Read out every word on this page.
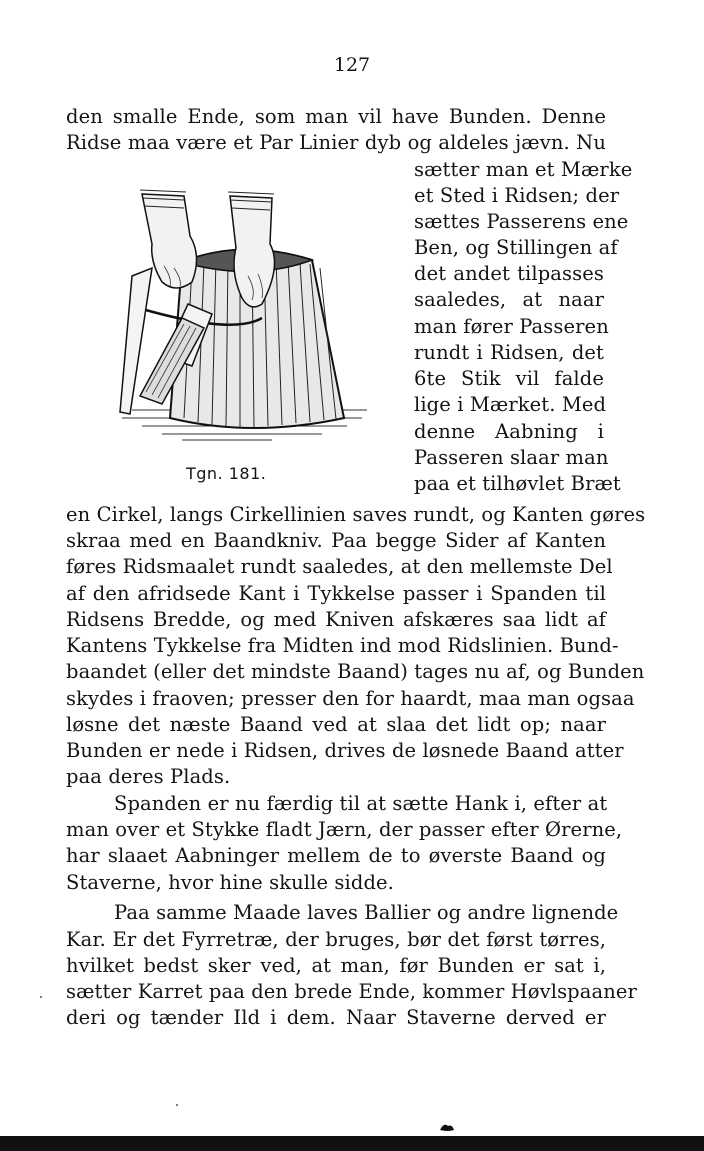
127
den smalle Ende, som man vil have Bunden. Denne
Ridse maa være et Par Linier dyb og aldeles jævn. Nu
sætter man et Mærke
et Sted i Ridsen; der
sættes Passerens ene
Ben, og Stillingen af
det andet tilpasses
saaledes, at naar
man fører Passeren
rundt i Ridsen, det
6te Stik vil falde
lige i Mærket. Med
denne Aabning i
Passeren slaar man
paa et tilhøvlet Bræt
Tgn. 181.
en Cirkel, langs Cirkellinien saves rundt, og Kanten gøres
skraa med en Baandkniv. Paa begge Sider af Kanten
føres Ridsmaalet rundt saaledes, at den mellemste Del
af den afridsede Kant i Tykkelse passer i Spanden til
Ridsens Bredde, og med Kniven afskæres saa lidt af
Kantens Tykkelse fra Midten ind mod Ridslinien. Bund-
baandet (eller det mindste Baand) tages nu af, og Bunden
skydes i fraoven; presser den for haardt, maa man ogsaa
løsne det næste Baand ved at slaa det lidt op; naar
Bunden er nede i Ridsen, drives de løsnede Baand atter
paa deres Plads.
Spanden er nu færdig til at sætte Hank i, efter at
man over et Stykke fladt Jærn, der passer efter Ørerne,
har slaaet Aabninger mellem de to øverste Baand og
Staverne, hvor hine skulle sidde.
Paa samme Maade laves Ballier og andre lignende
Kar. Er det Fyrretræ, der bruges, bør det først tørres,
hvilket bedst sker ved, at man, før Bunden er sat i,
sætter Karret paa den brede Ende, kommer Høvlspaaner
deri og tænder Ild i dem. Naar Staverne derved er
